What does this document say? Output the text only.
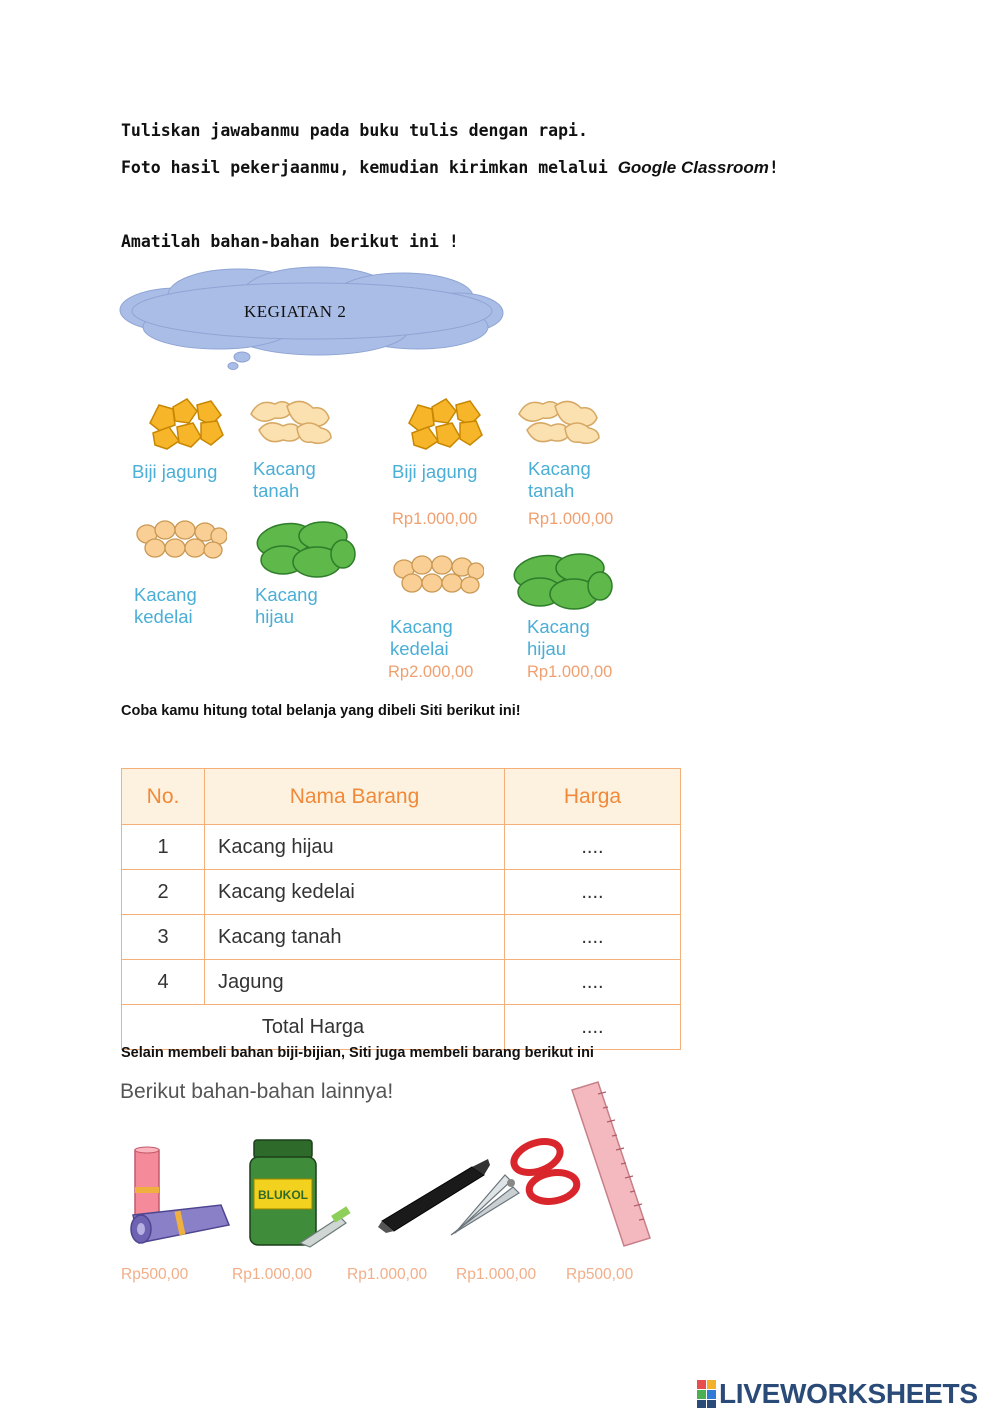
Tuliskan jawabanmu pada buku tulis dengan rapi.
Foto hasil pekerjaanmu, kemudian kirimkan melalui Google Classroom!
Amatilah bahan-bahan berikut ini !
KEGIATAN 2
Biji jagung Kacang tanah
Kacang kedelai
Kacang hijau
Biji jagung	Kacang tanah
Rp1.000,00	Rp1.000,00
Kacang kedelai
Kacang hijau
Rp2.000,00	Rp1.000,00
Coba kamu hitung total belanja yang dibeli Siti berikut ini!
No.	Nama Barang	Harga
1	Kacang hijau	....
2	Kacang kedelai	....
3	Kacang tanah	....
4	Jagung	....
Total Harga		....
Selain membeli bahan biji-bijian, Siti juga membeli barang berikut ini
Berikut bahan-bahan lainnya!
BLUKOL
Rp500,00	Rp1.000,00 Rp1.000,00 Rp1.000,00 Rp500,00
LIVEWORKSHEETS
